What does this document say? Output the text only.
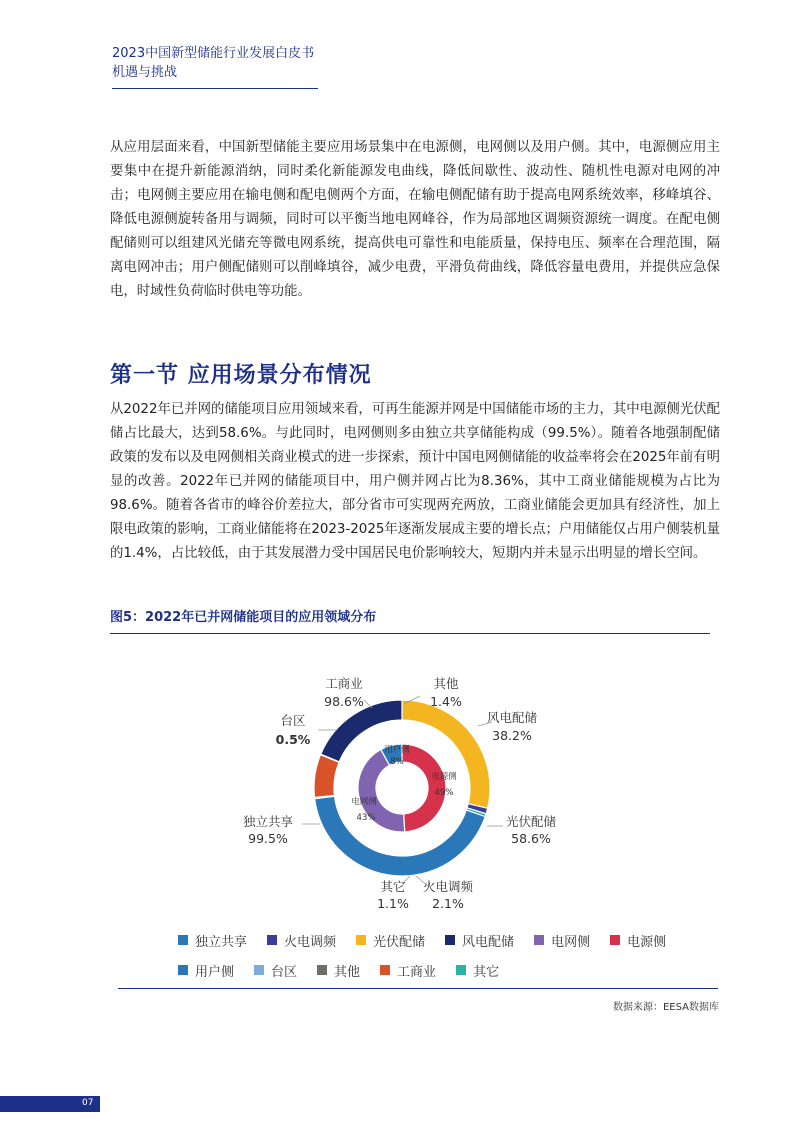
2023中国新型储能行业发展白皮书
机遇与挑战
从应用层面来看，中国新型储能主要应用场景集中在电源侧，电网侧以及用户侧。其中，电源侧应用主要集中在提升新能源消纳，同时柔化新能源发电曲线，降低间歇性、波动性、随机性电源对电网的冲击；电网侧主要应用在输电侧和配电侧两个方面，在输电侧配储有助于提高电网系统效率，移峰填谷、降低电源侧旋转备用与调频，同时可以平衡当地电网峰谷，作为局部地区调频资源统一调度。在配电侧配储则可以组建风光储充等微电网系统，提高供电可靠性和电能质量，保持电压、频率在合理范围，隔离电网冲击；用户侧配储则可以削峰填谷，减少电费，平滑负荷曲线，降低容量电费用，并提供应急保电，时域性负荷临时供电等功能。
第一节 应用场景分布情况
从2022年已并网的储能项目应用领域来看，可再生能源并网是中国储能市场的主力，其中电源侧光伏配储占比最大，达到58.6%。与此同时，电网侧则多由独立共享储能构成（99.5%）。随着各地强制配储政策的发布以及电网侧相关商业模式的进一步探索，预计中国电网侧储能的收益率将会在2025年前有明显的改善。2022年已并网的储能项目中，用户侧并网占比为8.36%，其中工商业储能规模为占比为98.6%。随着各省市的峰谷价差拉大，部分省市可实现两充两放，工商业储能会更加具有经济性，加上限电政策的影响，工商业储能将在2023-2025年逐渐发展成主要的增长点；户用储能仅占用户侧装机量的1.4%，占比较低，由于其发展潜力受中国居民电价影响较大，短期内并未显示出明显的增长空间。
图5：2022年已并网储能项目的应用领域分布
电源侧
49%
电网侧
43%
用户侧
8%
光伏配储
58.6%
火电调频
2.1%
其它
1.1%
独立共享
99.5%
台区
0.5%
工商业
98.6%
其他
1.4%
风电配储
38.2%
独立共享	火电调频	光伏配储	风电配储	电网侧	电源侧
用户侧	台区	其他	工商业	其它
数据来源：EESA数据库
07
